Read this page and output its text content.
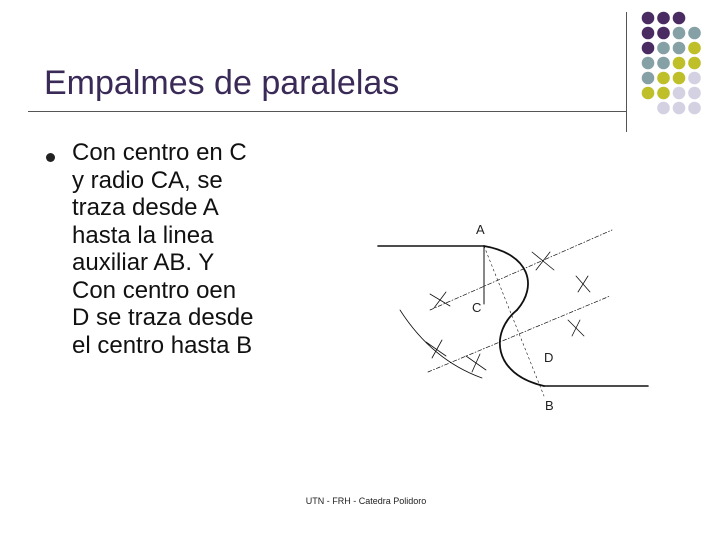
Empalmes de paralelas
Con centro en C
y radio CA, se
traza desde A
hasta la linea
auxiliar AB. Y
Con centro oen
D se traza desde
el centro hasta B
A
C
D
B
UTN - FRH - Catedra Polidoro
